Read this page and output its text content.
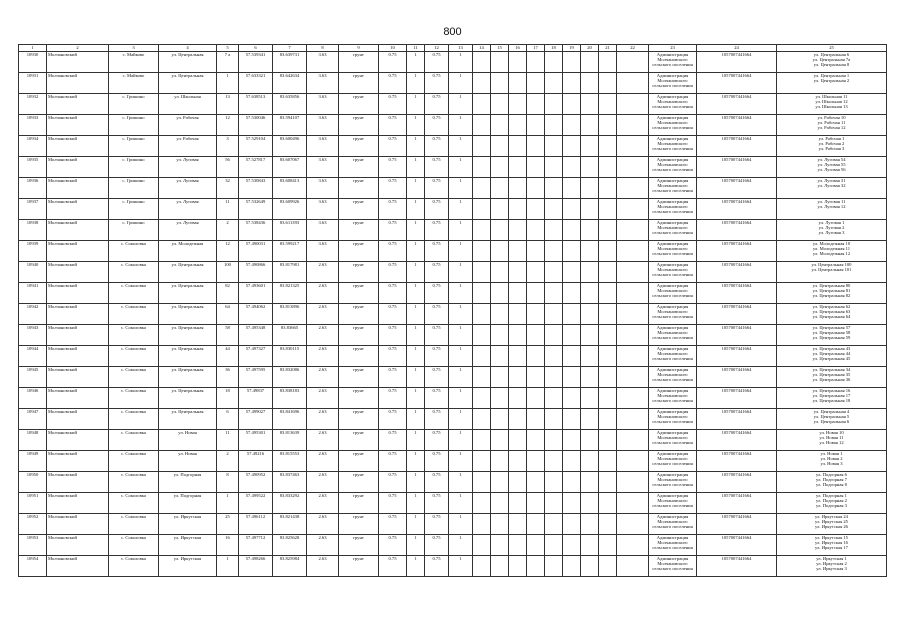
800
1	2	3	4	5	6	7	8	9	10	11	12	13	14	15	16	17	18	19	20	21	22	23	24	25
10930	Молчановский	с. Майково	ул. Центральная	7 а	57.539341	83.639731	3.63	грунт	0.75	1	0.75	1										Администрация
Молчановского
сельского поселения	1057007441664	ул. Центральная 6
ул. Центральная 7а
ул. Центральная 8

10931	Молчановский	с. Майково	ул. Центральная	1	57.633321	83.642634	3.63	грунт	0.75	1	0.75	1										Администрация
Молчановского
сельского поселения	1057007441664	ул. Центральная 1
ул. Центральная 2

10932	Молчановский	с. Гришино	ул. Школьная	13	57.638513	83.635856	3.63	грунт	0.75	1	0.75	1										Администрация
Молчановского
сельского поселения	1057007441664	ул. Школьная 11
ул. Школьная 12
ул. Школьная 13

10933	Молчановский	с. Гришино	ул. Рабочая	12	57.530046	83.594107	3.63	грунт	0.75	1	0.75	1										Администрация
Молчановского
сельского поселения	1057007441664	ул. Рабочая 10
ул. Рабочая 11
ул. Рабочая 12

10934	Молчановский	с. Гришино	ул. Рабочая	3	57.529104	83.600496	3.63	грунт	0.75	1	0.75	1										Администрация
Молчановского
сельского поселения	1057007441664	ул. Рабочая 1
ул. Рабочая 2
ул. Рабочая 3

10935	Молчановский	с. Гришино	ул. Луговая	56	57.527817	83.607067	3.63	грунт	0.75	1	0.75	1										Администрация
Молчановского
сельского поселения	1057007441664	ул. Луговая 54
ул. Луговая 55
ул. Луговая 56

10936	Молчановский	с. Гришино	ул. Луговая	32	57.530843	83.608413	3.63	грунт	0.75	1	0.75	1										Администрация
Молчановского
сельского поселения	1057007441664	ул. Луговая 31
ул. Луговая 32

10937	Молчановский	с. Гришино	ул. Луговая	11	57.532649	83.609926	3.63	грунт	0.75	1	0.75	1										Администрация
Молчановского
сельского поселения	1057007441664	ул. Луговая 11
ул. Луговая 12

10938	Молчановский	с. Гришино	ул. Луговая	2	57.538436	83.611393	3.63	грунт	0.75	1	0.75	1										Администрация
Молчановского
сельского поселения	1057007441664	ул. Луговая 1
ул. Луговая 2
ул. Луговая 3

10939	Молчановский	с. Соколовка	ул. Молодежная	12	57.490031	83.599217	3.63	грунт	0.75	1	0.75	1										Администрация
Молчановского
сельского поселения	1057007441664	ул. Молодежная 10
ул. Молодежная 11
ул. Молодежная 12

10940	Молчановский	с. Соколовка	ул. Центральная	100	57.490866	83.817981	2.63	грунт	0.75	1	0.75	1										Администрация
Молчановского
сельского поселения	1057007441664	ул. Центральная 100
ул. Центральная 101

10941	Молчановский	с. Соколовка	ул. Центральная	82	57.493601	83.821325	2.63	грунт	0.75	1	0.75	1										Администрация
Молчановского
сельского поселения	1057007441664	ул. Центральная 80
ул. Центральная 81
ул. Центральная 82

10942	Молчановский	с. Соколовка	ул. Центральная	64	57.494062	83.813896	2.63	грунт	0.75	1	0.75	1										Администрация
Молчановского
сельского поселения	1057007441664	ул. Центральная 62
ул. Центральная 63
ул. Центральная 64

10943	Молчановский	с. Соколовка	ул. Центральная	58	57.495348	83.83665	2.63	грунт	0.75	1	0.75	1										Администрация
Молчановского
сельского поселения	1057007441664	ул. Центральная 57
ул. Центральная 58
ул. Центральная 59

10944	Молчановский	с. Соколовка	ул. Центральная	44	57.497327	83.830115	2.63	грунт	0.75	1	0.75	1										Администрация
Молчановского
сельского поселения	1057007441664	ул. Центральная 43
ул. Центральная 44
ул. Центральная 45

10945	Молчановский	с. Соколовка	ул. Центральная	36	57.497595	83.832086	2.63	грунт	0.75	1	0.75	1										Администрация
Молчановского
сельского поселения	1057007441664	ул. Центральная 34
ул. Центральная 35
ул. Центральная 36

10946	Молчановский	с. Соколовка	ул. Центральная	18	57.49837	83.838183	2.63	грунт	0.75	1	0.75	1										Администрация
Молчановского
сельского поселения	1057007441664	ул. Центральная 16
ул. Центральная 17
ул. Центральная 18

10947	Молчановский	с. Соколовка	ул. Центральная	6	57.499027	83.841696	2.63	грунт	0.75	1	0.75	1										Администрация
Молчановского
сельского поселения	1057007441664	ул. Центральная 4
ул. Центральная 5
ул. Центральная 6

10948	Молчановский	с. Соколовка	ул. Новая	11	57.495301	83.813639	2.63	грунт	0.75	1	0.75	1										Администрация
Молчановского
сельского поселения	1057007441664	ул. Новая 10
ул. Новая 11
ул. Новая 12

10949	Молчановский	с. Соколовка	ул. Новая	2	57.49216	83.815553	2.63	грунт	0.75	1	0.75	1										Администрация
Молчановского
сельского поселения	1057007441664	ул. Новая 1
ул. Новая 2
ул. Новая 3

10950	Молчановский	с. Соколовка	ул. Подгорная	8	57.490952	83.837463	2.63	грунт	0.75	1	0.75	1										Администрация
Молчановского
сельского поселения	1057007441664	ул. Подгорная 6
ул. Подгорная 7
ул. Подгорная 8

10951	Молчановский	с. Соколовка	ул. Подгорная	1	57.499522	83.833292	2.63	грунт	0.75	1	0.75	1										Администрация
Молчановского
сельского поселения	1057007441664	ул. Подгорная 1
ул. Подгорная 2
ул. Подгорная 3

10952	Молчановский	с. Соколовка	ул. Иркутская	25	57.496112	83.821438	2.63	грунт	0.75	1	0.75	1										Администрация
Молчановского
сельского поселения	1057007441664	ул. Иркутская 24
ул. Иркутская 25
ул. Иркутская 26

10953	Молчановский	с. Соколовка	ул. Иркутская	16	57.497712	83.825628	2.63	грунт	0.75	1	0.75	1										Администрация
Молчановского
сельского поселения	1057007441664	ул. Иркутская 15
ул. Иркутская 16
ул. Иркутская 17

10954	Молчановский	с. Соколовка	ул. Иркутская	1	57.498266	83.825984	2.63	грунт	0.75	1	0.75	1										Администрация
Молчановского
сельского поселения	1057007441664	ул. Иркутская 1
ул. Иркутская 2
ул. Иркутская 3
